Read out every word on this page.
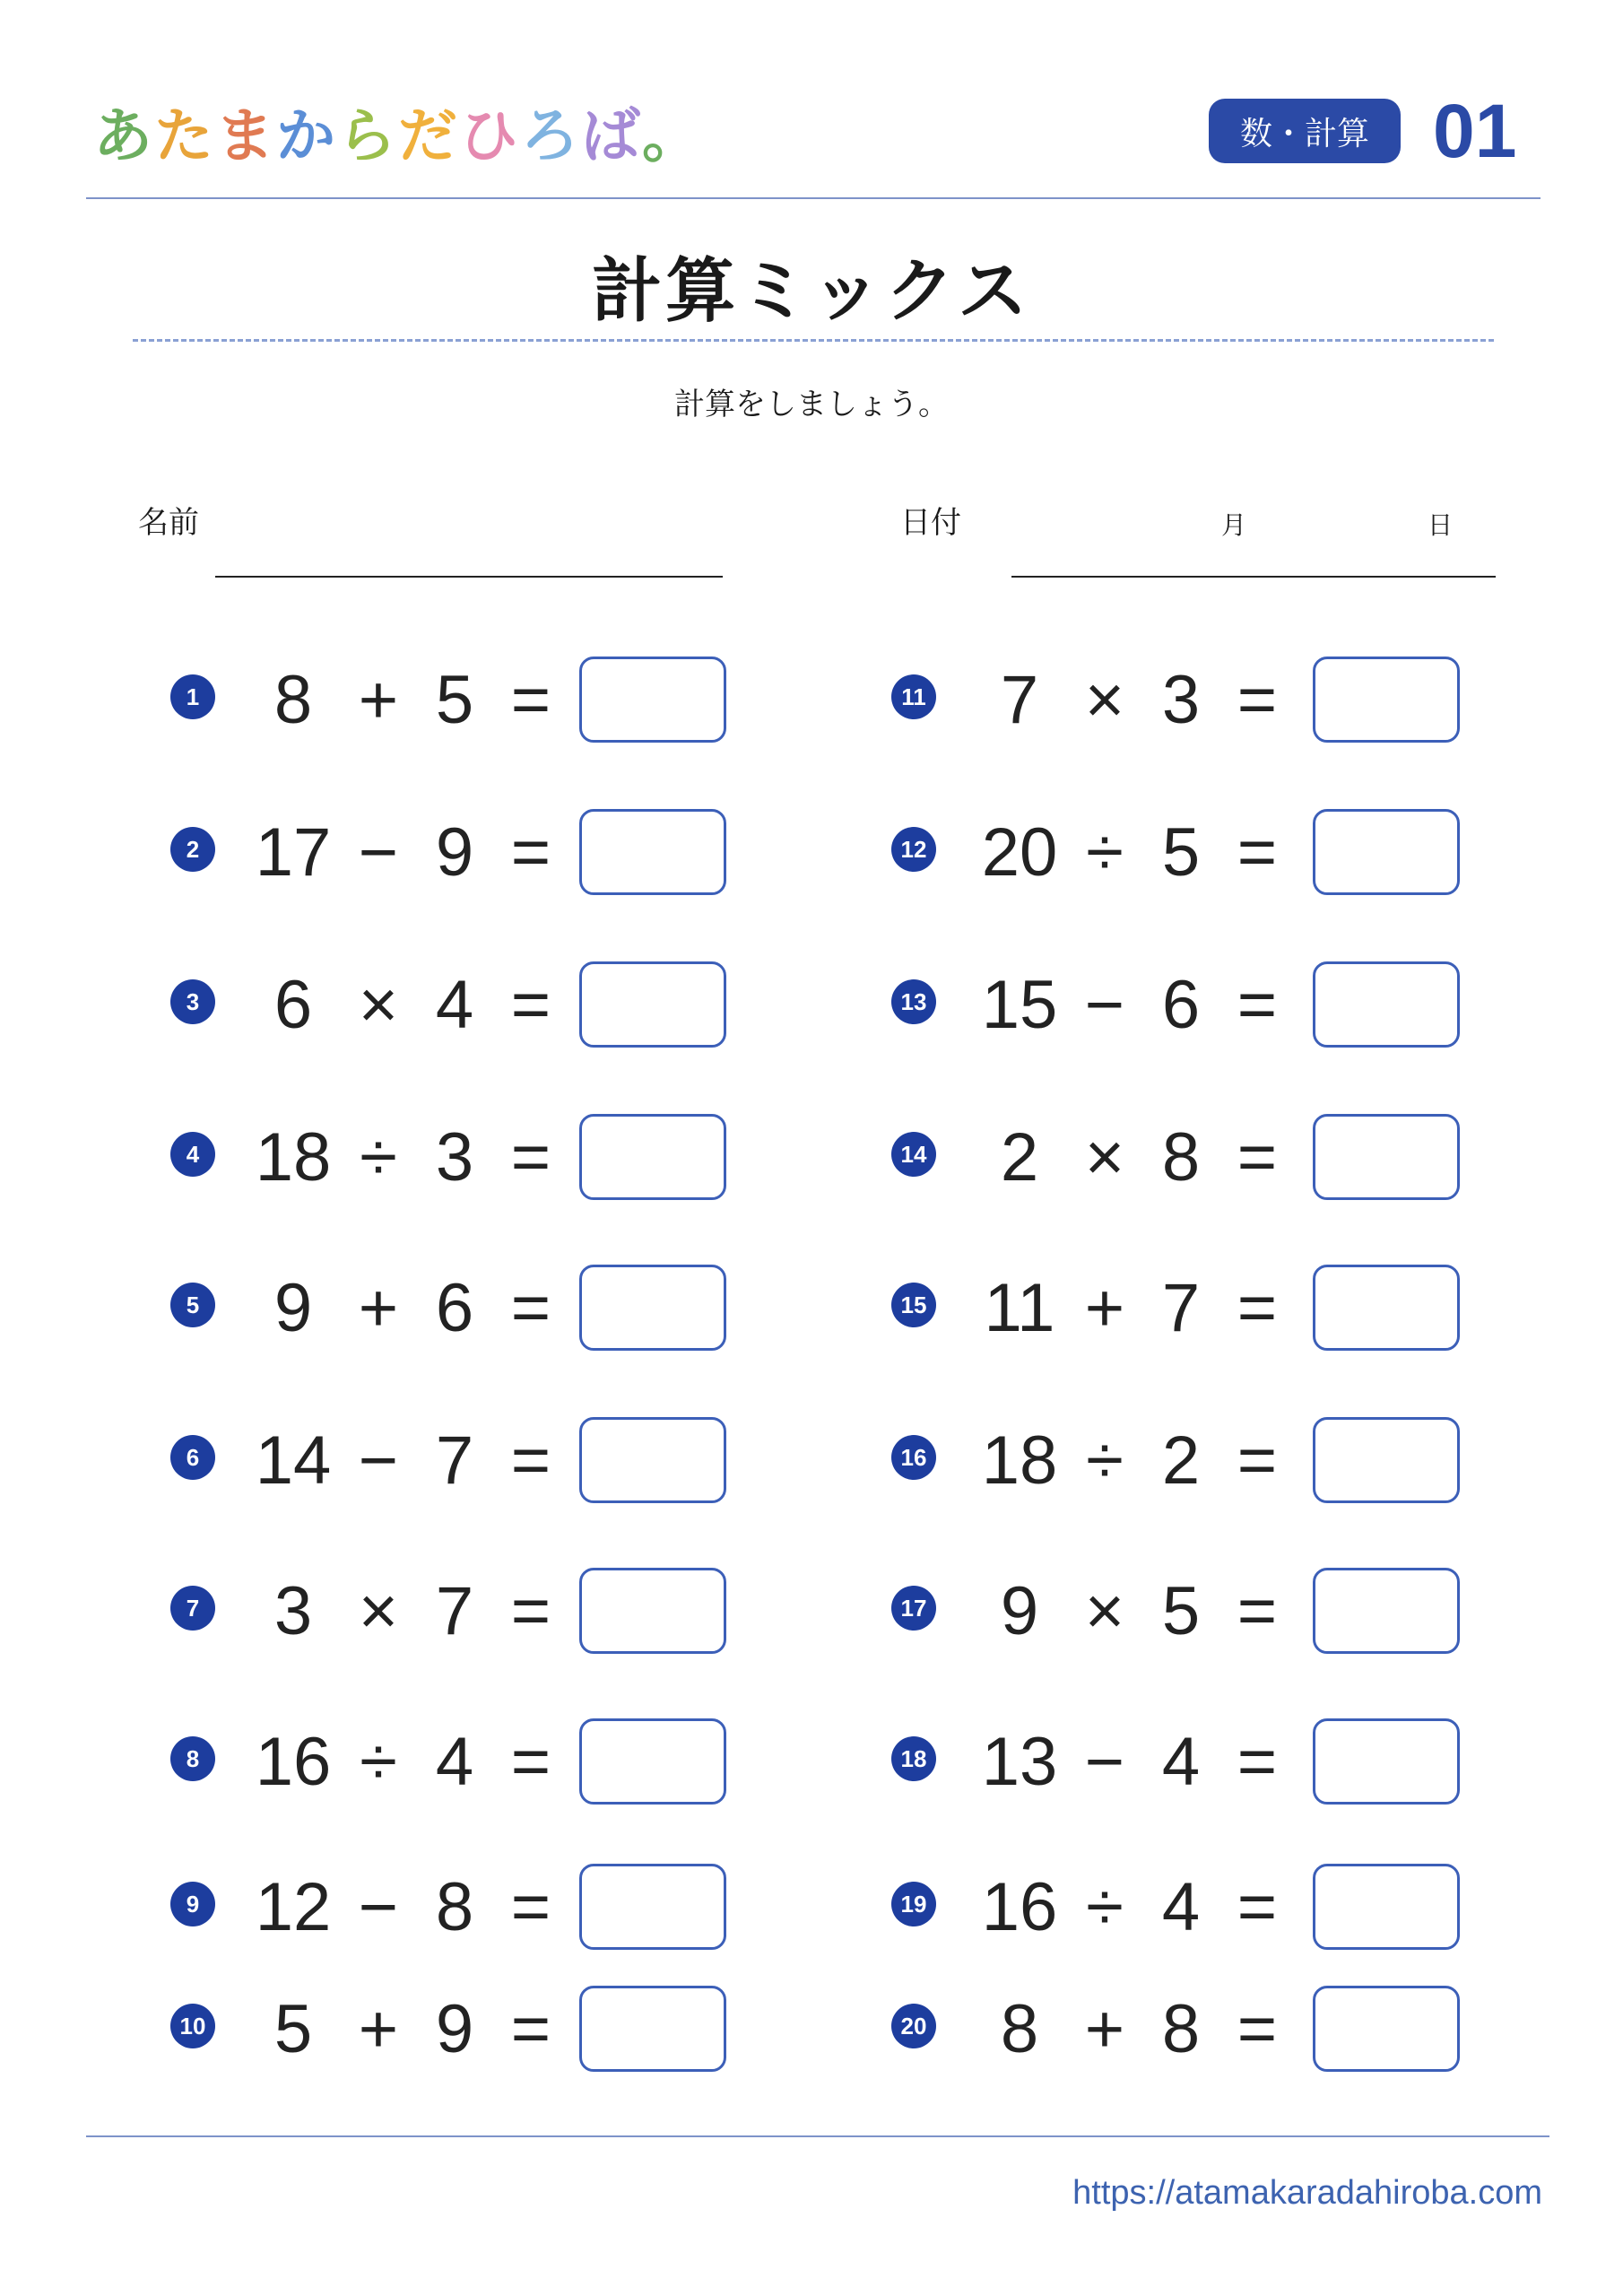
あ た ま か ら だ ひ ろ ば 。	数・計算 01
計算ミックス
計算をしましょう。
名前	日付	月	日
1	8 + 5 =
2 17 − 9 =
3	6 × 4 =
4 18 ÷ 3 =
5	9 + 6 =
6 14 − 7 =
7	3 × 7 =
8 16 ÷ 4 =
9 12 − 8 =
10	5 + 9 =
11	7 × 3 =
12 20 ÷ 5 =
13 15 − 6 =
14	2 × 8 =
15 11 + 7 =
16 18 ÷ 2 =
17	9 × 5 =
18 13 − 4 =
19 16 ÷ 4 =
20	8 + 8 =
https://atamakaradahiroba.com
